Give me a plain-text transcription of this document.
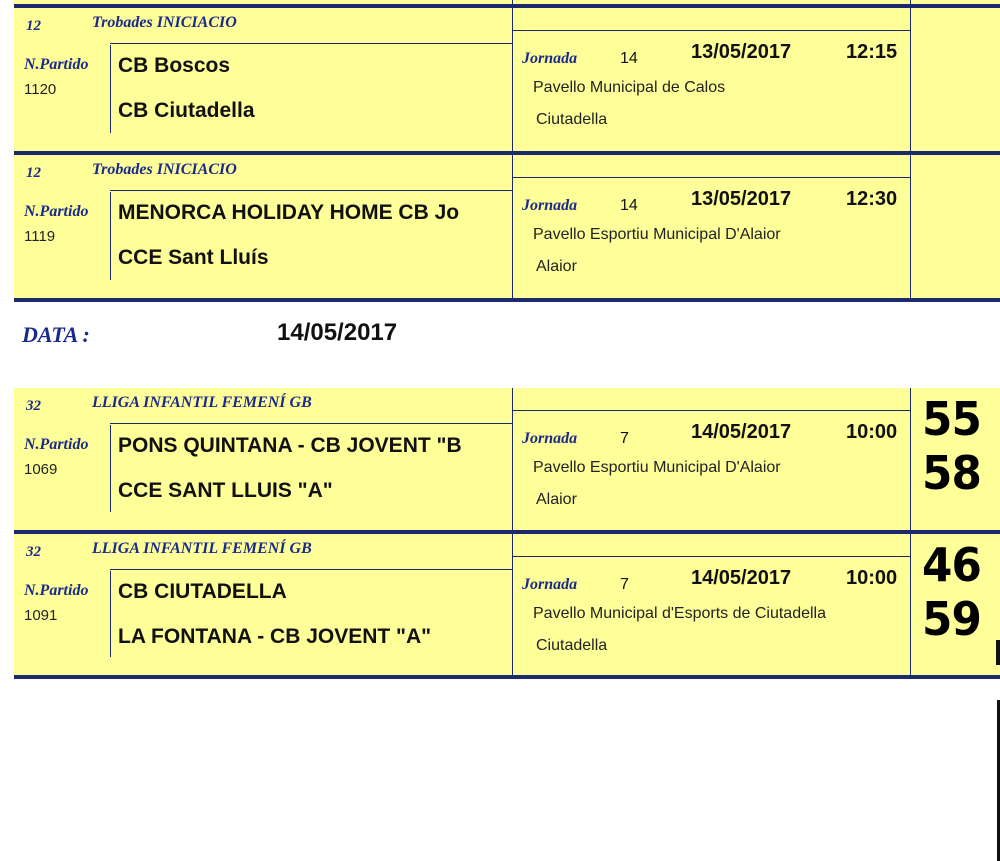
12	Trobades INICIACIO
N.Partido
1120
CB Boscos
CB Ciutadella
Jornada	14	13/05/2017	12:15
Pavello Municipal de Calos
Ciutadella
12	Trobades INICIACIO
N.Partido
1119
MENORCA HOLIDAY HOME CB Jo
CCE Sant Lluís
Jornada	14	13/05/2017	12:30
Pavello Esportiu Municipal D'Alaior
Alaior
DATA :	14/05/2017
32	LLIGA INFANTIL FEMENÍ GB
N.Partido
1069
PONS QUINTANA - CB JOVENT "B
CCE SANT LLUIS "A"
Jornada	7	14/05/2017	10:00
Pavello Esportiu Municipal D'Alaior
Alaior
55
58
32	LLIGA INFANTIL FEMENÍ GB
N.Partido
1091
CB CIUTADELLA
LA FONTANA - CB JOVENT "A"
Jornada	7	14/05/2017	10:00
Pavello Municipal d'Esports de Ciutadella
Ciutadella
46
59
